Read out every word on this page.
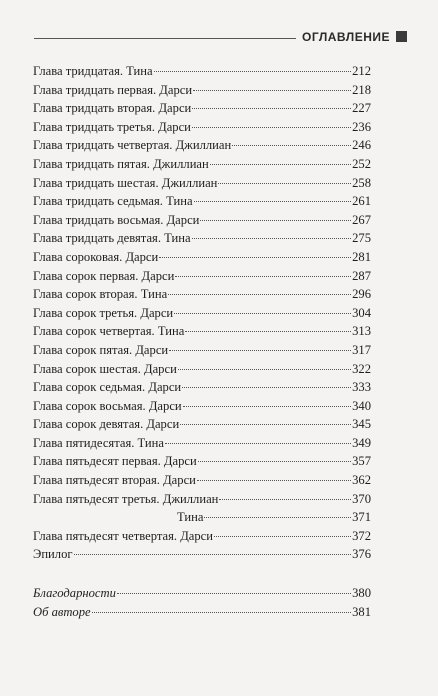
ОГЛАВЛЕНИЕ
Глава тридцатая. Тина	212
Глава тридцать первая. Дарси	218
Глава тридцать вторая. Дарси	227
Глава тридцать третья. Дарси	236
Глава тридцать четвертая. Джиллиан	246
Глава тридцать пятая. Джиллиан	252
Глава тридцать шестая. Джиллиан	258
Глава тридцать седьмая. Тина	261
Глава тридцать восьмая. Дарси	267
Глава тридцать девятая. Тина	275
Глава сороковая. Дарси	281
Глава сорок первая. Дарси	287
Глава сорок вторая. Тина	296
Глава сорок третья. Дарси	304
Глава сорок четвертая. Тина	313
Глава сорок пятая. Дарси	317
Глава сорок шестая. Дарси	322
Глава сорок седьмая. Дарси	333
Глава сорок восьмая. Дарси	340
Глава сорок девятая. Дарси	345
Глава пятидесятая. Тина	349
Глава пятьдесят первая. Дарси	357
Глава пятьдесят вторая. Дарси	362
Глава пятьдесят третья. Джиллиан	370
Тина	371
Глава пятьдесят четвертая. Дарси	372
Эпилог	376
Благодарности	380
Об авторе	381
